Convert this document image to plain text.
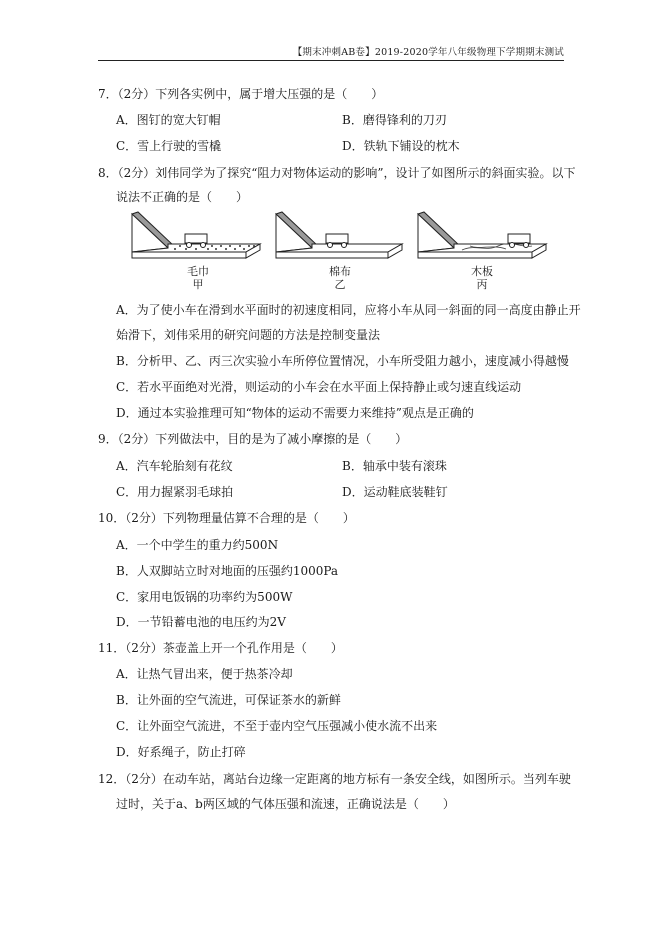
【期末冲刺AB卷】2019-2020学年八年级物理下学期期末测试
7．（2分）下列各实例中，属于增大压强的是（　　）
A．图钉的宽大钉帽	B．磨得锋利的刀刃
C．雪上行驶的雪橇	D．铁轨下铺设的枕木
8．（2分）刘伟同学为了探究“阻力对物体运动的影响”，设计了如图所示的斜面实验。以下
说法不正确的是（　　）
毛巾
甲
棉布
乙
木板
丙
A．为了使小车在滑到水平面时的初速度相同，应将小车从同一斜面的同一高度由静止开
始滑下，刘伟采用的研究问题的方法是控制变量法
B．分析甲、乙、丙三次实验小车所停位置情况，小车所受阻力越小，速度减小得越慢
C．若水平面绝对光滑，则运动的小车会在水平面上保持静止或匀速直线运动
D．通过本实验推理可知“物体的运动不需要力来维持”观点是正确的
9．（2分）下列做法中，目的是为了减小摩擦的是（　　）
A．汽车轮胎刻有花纹	B．轴承中装有滚珠
C．用力握紧羽毛球拍	D．运动鞋底装鞋钉
10．（2分）下列物理量估算不合理的是（　　）
A．一个中学生的重力约500N
B．人双脚站立时对地面的压强约1000Pa
C．家用电饭锅的功率约为500W
D．一节铅蓄电池的电压约为2V
11．（2分）茶壶盖上开一个孔作用是（　　）
A．让热气冒出来，便于热茶冷却
B．让外面的空气流进，可保证茶水的新鲜
C．让外面空气流进，不至于壶内空气压强减小使水流不出来
D．好系绳子，防止打碎
12．（2分）在动车站，离站台边缘一定距离的地方标有一条安全线，如图所示。当列车驶
过时，关于a、b两区域的气体压强和流速，正确说法是（　　）
